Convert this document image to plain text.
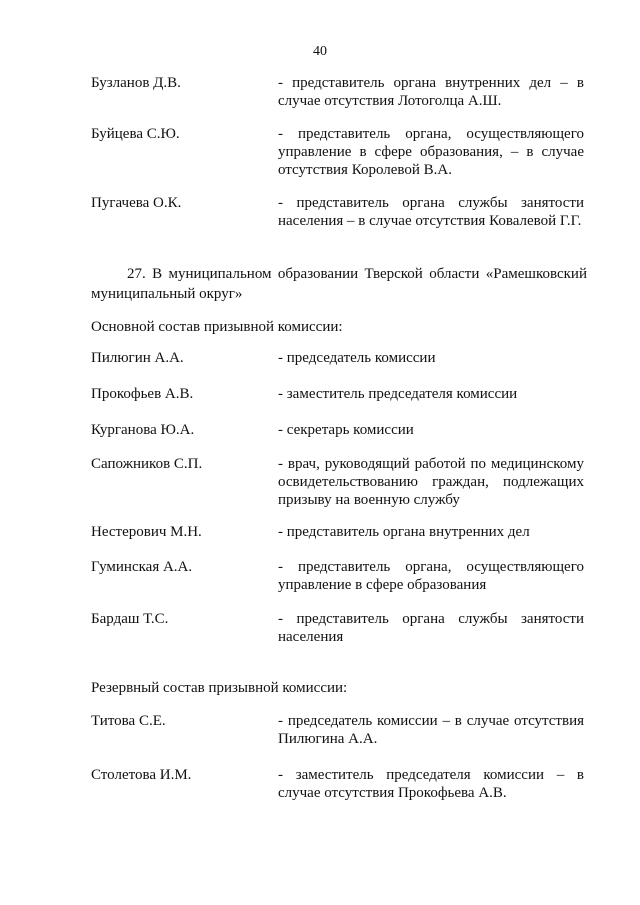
40
Бузланов Д.В.	- представитель органа внутренних дел – в случае отсутствия Лотоголца А.Ш.
Буйцева С.Ю.	- представитель органа, осуществляющего управление в сфере образования, – в случае отсутствия Королевой В.А.
Пугачева О.К.	- представитель органа службы занятости населения – в случае отсутствия Ковалевой Г.Г.
27. В муниципальном образовании Тверской области «Рамешковский муниципальный округ»
Основной состав призывной комиссии:
Пилюгин А.А.	- председатель комиссии
Прокофьев А.В.	- заместитель председателя комиссии
Курганова Ю.А.	- секретарь комиссии
Сапожников С.П.	- врач, руководящий работой по медицинскому освидетельствованию граждан, подлежащих призыву на военную службу
Нестерович М.Н.	- представитель органа внутренних дел
Гуминская А.А.	- представитель органа, осуществляющего управление в сфере образования
Бардаш Т.С.	- представитель органа службы занятости населения
Резервный состав призывной комиссии:
Титова С.Е.	- председатель комиссии – в случае отсутствия Пилюгина А.А.
Столетова И.М.	- заместитель председателя комиссии – в случае отсутствия Прокофьева А.В.
